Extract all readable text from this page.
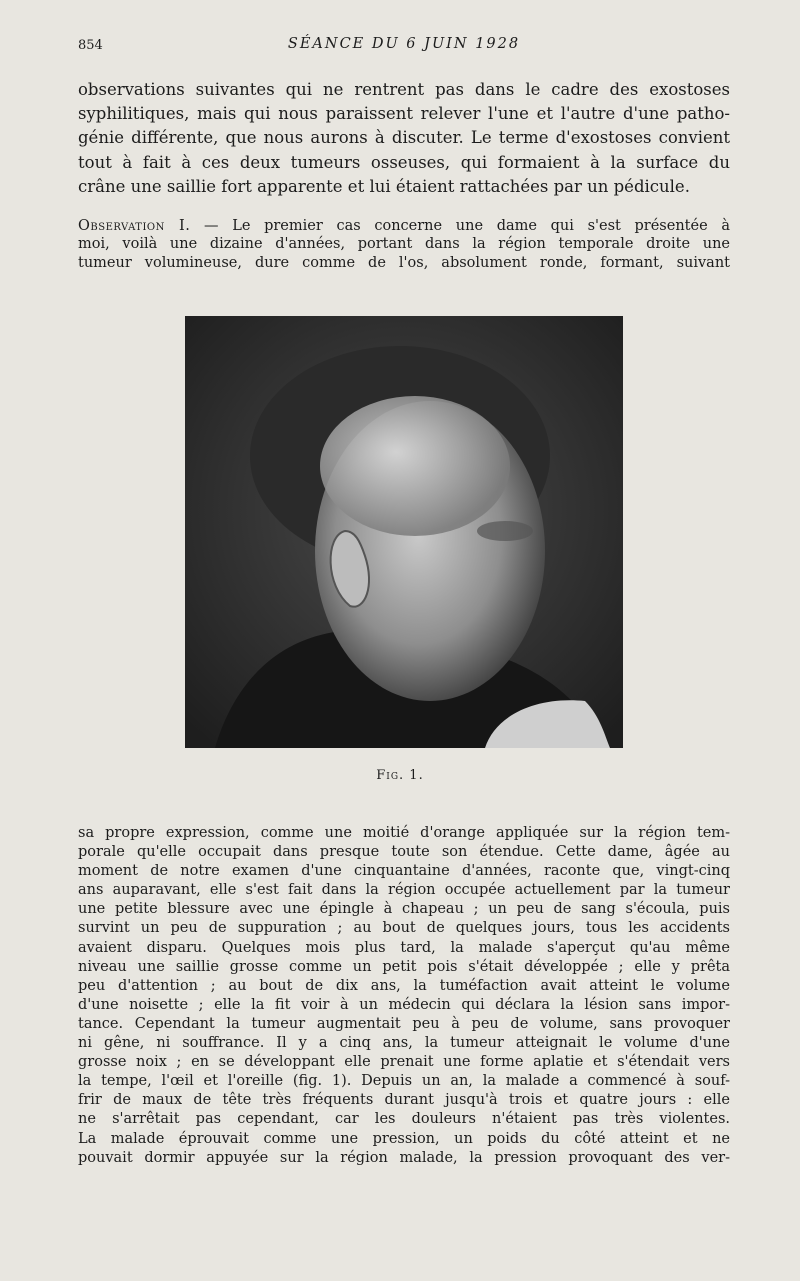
854	SÉANCE DU 6 JUIN 1928

observations suivantes qui ne rentrent pas dans le cadre des exostoses
syphilitiques, mais qui nous paraissent relever l'une et l'autre d'une patho-
génie différente, que nous aurons à discuter. Le terme d'exostoses convient
tout à fait à ces deux tumeurs osseuses, qui formaient à la surface du
crâne une saillie fort apparente et lui étaient rattachées par un pédicule.

Observation I. — Le premier cas concerne une dame qui s'est présentée à
moi, voilà une dizaine d'années, portant dans la région temporale droite une
tumeur volumineuse, dure comme de l'os, absolument ronde, formant, suivant

Fig. 1.

sa propre expression, comme une moitié d'orange appliquée sur la région tem-
porale qu'elle occupait dans presque toute son étendue. Cette dame, âgée au
moment de notre examen d'une cinquantaine d'années, raconte que, vingt-cinq
ans auparavant, elle s'est fait dans la région occupée actuellement par la tumeur
une petite blessure avec une épingle à chapeau ; un peu de sang s'écoula, puis
survint un peu de suppuration ; au bout de quelques jours, tous les accidents
avaient disparu. Quelques mois plus tard, la malade s'aperçut qu'au même
niveau une saillie grosse comme un petit pois s'était développée ; elle y prêta
peu d'attention ; au bout de dix ans, la tuméfaction avait atteint le volume
d'une noisette ; elle la fit voir à un médecin qui déclara la lésion sans impor-
tance. Cependant la tumeur augmentait peu à peu de volume, sans provoquer
ni gêne, ni souffrance. Il y a cinq ans, la tumeur atteignait le volume d'une
grosse noix ; en se développant elle prenait une forme aplatie et s'étendait vers
la tempe, l'œil et l'oreille (fig. 1). Depuis un an, la malade a commencé à souf-
frir de maux de tête très fréquents durant jusqu'à trois et quatre jours : elle
ne s'arrêtait pas cependant, car les douleurs n'étaient pas très violentes.
La malade éprouvait comme une pression, un poids du côté atteint et ne
pouvait dormir appuyée sur la région malade, la pression provoquant des ver-
